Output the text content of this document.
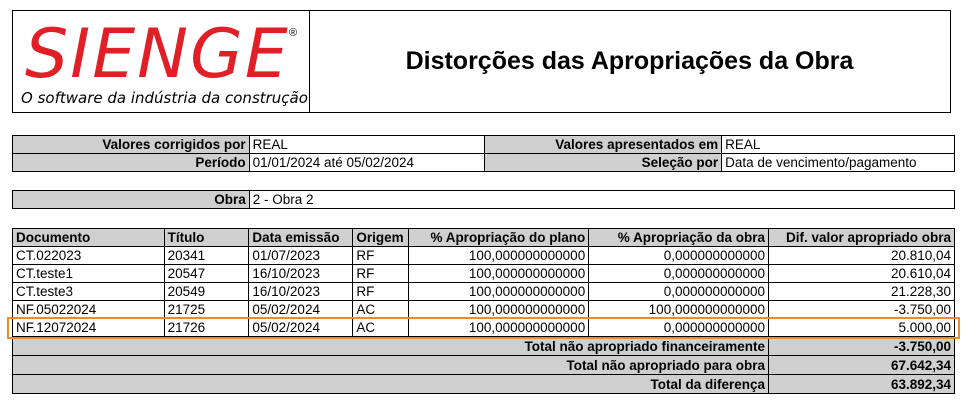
SIENGE ®
O software da indústria da construção
Distorções das Apropriações da Obra
Valores corrigidos por	REAL	Valores apresentados em	REAL
Período	01/01/2024 até 05/02/2024	Seleção por	Data de vencimento/pagamento
Obra	2 - Obra 2
Documento	Título	Data emissão	Origem	% Apropriação do plano	% Apropriação da obra	Dif. valor apropriado obra
CT.022023	20341	01/07/2023	RF	100,000000000000	0,000000000000	20.810,04
CT.teste1	20547	16/10/2023	RF	100,000000000000	0,000000000000	20.610,04
CT.teste3	20549	16/10/2023	RF	100,000000000000	0,000000000000	21.228,30
NF.05022024	21725	05/02/2024	AC	100,000000000000	100,000000000000	-3.750,00
NF.12072024	21726	05/02/2024	AC	100,000000000000	0,000000000000	5.000,00
Total não apropriado financeiramente						-3.750,00
Total não apropriado para obra						67.642,34
Total da diferença						63.892,34
